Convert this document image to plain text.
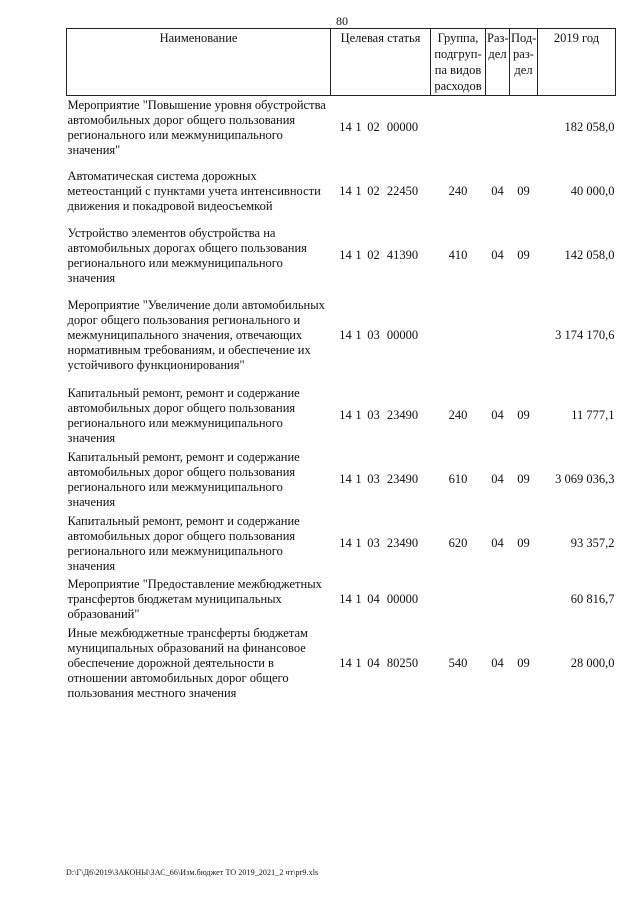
80
Наименование	Целевая статья	Группа, подгруп-па видов расходов	Раз-дел	Под-раз-дел	2019 год
Мероприятие "Повышение уровня обустройства автомобильных дорог общего пользования регионального или межмуниципального значения"	14 1 02 00000				182 058,0
Автоматическая система дорожных метеостанций с пунктами учета интенсивности движения и покадровой видеосъемкой	14 1 02 22450	240	04	09	40 000,0
Устройство элементов обустройства на автомобильных дорогах общего пользования регионального или межмуниципального значения	14 1 02 41390	410	04	09	142 058,0
Мероприятие "Увеличение доли автомобильных дорог общего пользования регионального и межмуниципального значения, отвечающих нормативным требованиям, и обеспечение их устойчивого функционирования"	14 1 03 00000				3 174 170,6
Капитальный ремонт, ремонт и содержание автомобильных дорог общего пользования регионального или межмуниципального значения	14 1 03 23490	240	04	09	11 777,1
Капитальный ремонт, ремонт и содержание автомобильных дорог общего пользования регионального или межмуниципального значения	14 1 03 23490	610	04	09	3 069 036,3
Капитальный ремонт, ремонт и содержание автомобильных дорог общего пользования регионального или межмуниципального значения	14 1 03 23490	620	04	09	93 357,2
Мероприятие "Предоставление межбюджетных трансфертов бюджетам муниципальных образований"	14 1 04 00000				60 816,7
Иные межбюджетные трансферты бюджетам муниципальных образований на финансовое обеспечение дорожной деятельности в отношении автомобильных дорог общего пользования местного значения	14 1 04 80250	540	04	09	28 000,0
D:\Г\Д6\2019\ЗАКОНЫ\ЗАС_66\Изм.бюджет ТО 2019_2021_2 чт\pr9.xls
